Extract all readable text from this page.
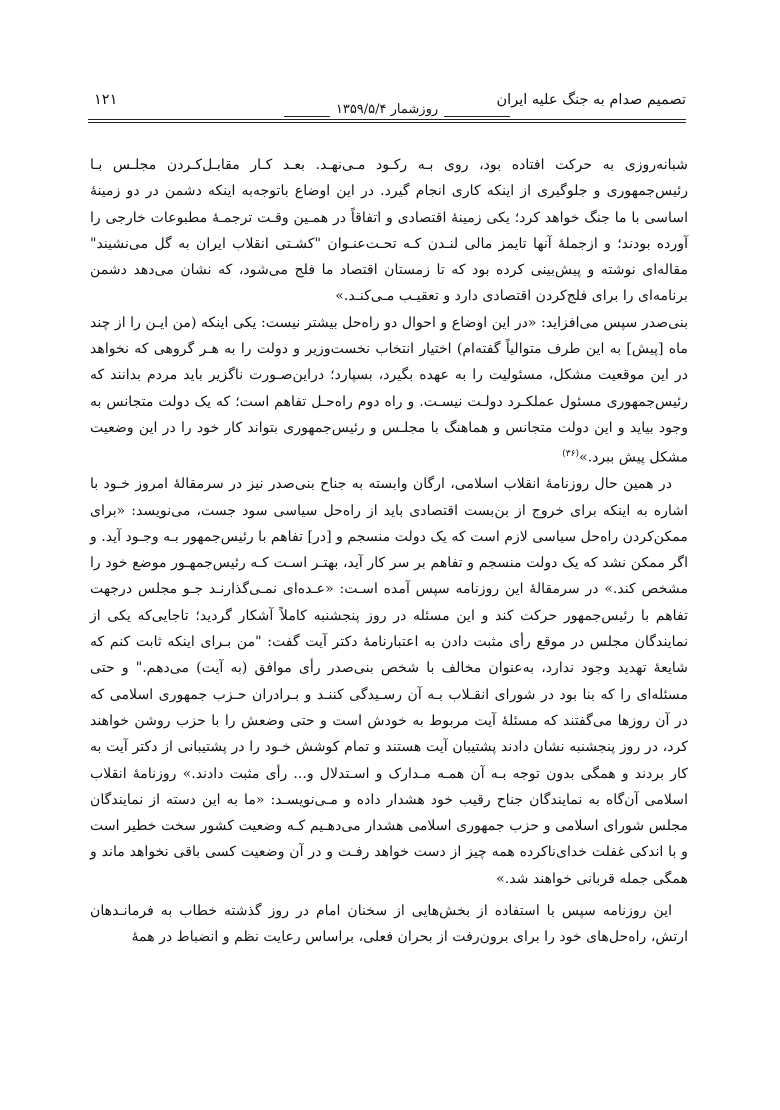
تصمیم صدام به جنگ علیه ایران
روزشمار ۱۳۵۹/۵/۴
۱۲۱

شبانه‌روزی به حرکت افتاده بود، روی بـه رکـود مـی‌نهـد. بعـد کـار مقابـل‌کـردن مجلـس بـا رئیس‌جمهوری و جلوگیری از اینکه کاری انجام گیرد. در این اوضاع باتوجه‌به اینکه دشمن در دو زمینهٔ اساسی با ما جنگ خواهد کرد؛ یکی زمینهٔ اقتصادی و اتفاقاً در همـین وقـت ترجمـهٔ مطبوعات خارجی را آورده بودند؛ و ازجملهٔ آنها تایمز مالی لنـدن کـه تحـت‌عنـوان "کشـتی انقلاب ایران به گل می‌نشیند" مقاله‌ای نوشته و پیش‌بینی کرده بود که تا زمستان اقتصاد ما فلج می‌شود، که نشان می‌دهد دشمن برنامه‌ای را برای فلج‌کردن اقتصادی دارد و تعقیـب مـی‌کنـد.»

بنی‌صدر سپس می‌افزاید: «در این اوضاع و احوال دو راه‌حل بیشتر نیست: یکی اینکه (من ایـن را از چند ماه [پیش] به این طرف متوالیاً گفته‌ام) اختیار انتخاب نخست‌وزیر و دولت را به هـر گروهی که نخواهد در این موقعیت مشکل، مسئولیت را به عهده بگیرد، بسپارد؛ دراین‌صـورت ناگزیر باید مردم بدانند که رئیس‌جمهوری مسئول عملکـرد دولـت نیسـت. و راه دوم راه‌حـل تفاهم است؛ که یک دولت متجانس به وجود بیاید و این دولت متجانس و هماهنگ با مجلـس و رئیس‌جمهوری بتواند کار خود را در این وضعیت مشکل پیش ببرد.»$^{(۳۶)}$

در همین حال روزنامهٔ انقلاب اسلامی، ارگان وابسته به جناح بنی‌صدر نیز در سرمقالهٔ امروز خـود با اشاره به اینکه برای خروج از بن‌بست اقتصادی باید از راه‌حل سیاسی سود جست، می‌نویسد: «برای ممکن‌کردن راه‌حل سیاسی لازم است که یک دولت منسجم و [در] تفاهم با رئیس‌جمهور بـه وجـود آید. و اگر ممکن نشد که یک دولت منسجم و تفاهم بر سر کار آید، بهتـر اسـت کـه رئیس‌جمهـور موضع خود را مشخص کند.» در سرمقالهٔ این روزنامه سپس آمده اسـت: «عـده‌ای نمـی‌گذارنـد جـو مجلس درجهت تفاهم با رئیس‌جمهور حرکت کند و این مسئله در روز پنجشنبه کاملاً آشکار گردید؛ تاجایی‌که یکی از نمایندگان مجلس در موقع رأی مثبت دادن به اعتبارنامهٔ دکتر آیت گفت: "من بـرای اینکه ثابت کنم که شایعهٔ تهدید وجود ندارد، به‌عنوان مخالف با شخص بنی‌صدر رأی موافق (به آیت) می‌دهم." و حتی مسئله‌ای را که بنا بود در شورای انقـلاب بـه آن رسـیدگی کننـد و بـرادران حـزب جمهوری اسلامی که در آن روزها می‌گفتند که مسئلهٔ آیت مربوط به خودش است و حتی وضعش را با حزب روشن خواهند کرد، در روز پنجشنبه نشان دادند پشتیبان آیت هستند و تمام کوشش خـود را در پشتیبانی از دکتر آیت به کار بردند و همگی بدون توجه بـه آن همـه مـدارک و اسـتدلال و... رأی مثبت دادند.» روزنامهٔ انقلاب اسلامی آن‌گاه به نمایندگان جناح رقیب خود هشدار داده و مـی‌نویسـد: «ما به این دسته از نمایندگان مجلس شورای اسلامی و حزب جمهوری اسلامی هشدار می‌دهـیم کـه وضعیت کشور سخت خطیر است و با اندکی غفلت خدای‌ناکرده همه چیز از دست خواهد رفـت و در آن وضعیت کسی باقی نخواهد ماند و همگی جمله قربانی خواهند شد.»

این روزنامه سپس با استفاده از بخش‌هایی از سخنان امام در روز گذشته خطاب به فرمانـدهان ارتش، راه‌حل‌های خود را برای برون‌رفت از بحران فعلی، براساس رعایت نظم و انضباط در همهٔ
